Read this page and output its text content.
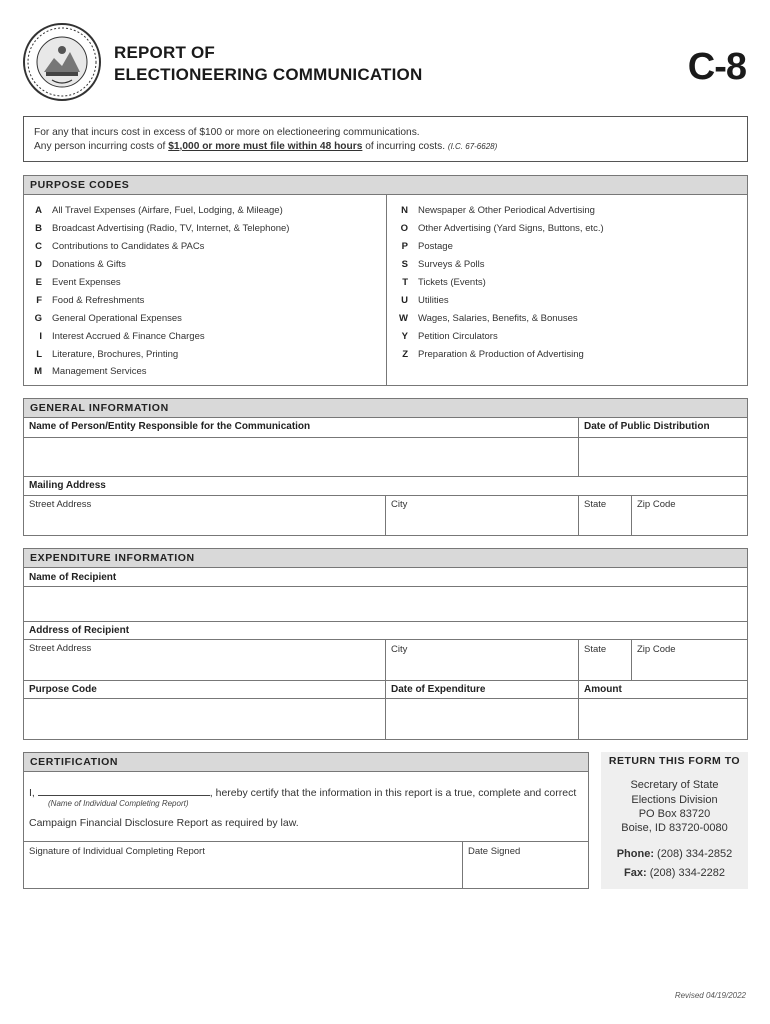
REPORT OF
ELECTIONEERING COMMUNICATION	C-8
For any that incurs cost in excess of $100 or more on electioneering communications.
Any person incurring costs of $1,000 or more must file within 48 hours of incurring costs. (I.C. 67-6628)
PURPOSE CODES
A	All Travel Expenses (Airfare, Fuel, Lodging, & Mileage)
B	Broadcast Advertising (Radio, TV, Internet, & Telephone)
C	Contributions to Candidates & PACs
D	Donations & Gifts
E	Event Expenses
F	Food & Refreshments
G	General Operational Expenses
I	Interest Accrued & Finance Charges
L	Literature, Brochures, Printing
M	Management Services
N	Newspaper & Other Periodical Advertising
O	Other Advertising (Yard Signs, Buttons, etc.)
P	Postage
S	Surveys & Polls
T	Tickets (Events)
U	Utilities
W	Wages, Salaries, Benefits, & Bonuses
Y	Petition Circulators
Z	Preparation & Production of Advertising
GENERAL INFORMATION
Name of Person/Entity Responsible for the Communication	Date of Public Distribution
Mailing Address
Street Address	City	State	Zip Code
EXPENDITURE INFORMATION
Name of Recipient
Address of Recipient
Street Address	City	State	Zip Code
Purpose Code	Date of Expenditure	Amount
CERTIFICATION
I,	, hereby certify that the information in this report is a true, complete and correct
(Name of Individual Completing Report)
Campaign Financial Disclosure Report as required by law.
Signature of Individual Completing Report	Date Signed
RETURN THIS FORM TO
Secretary of State
Elections Division
PO Box 83720
Boise, ID 83720-0080
Phone: (208) 334-2852
Fax: (208) 334-2282
Revised 04/19/2022
